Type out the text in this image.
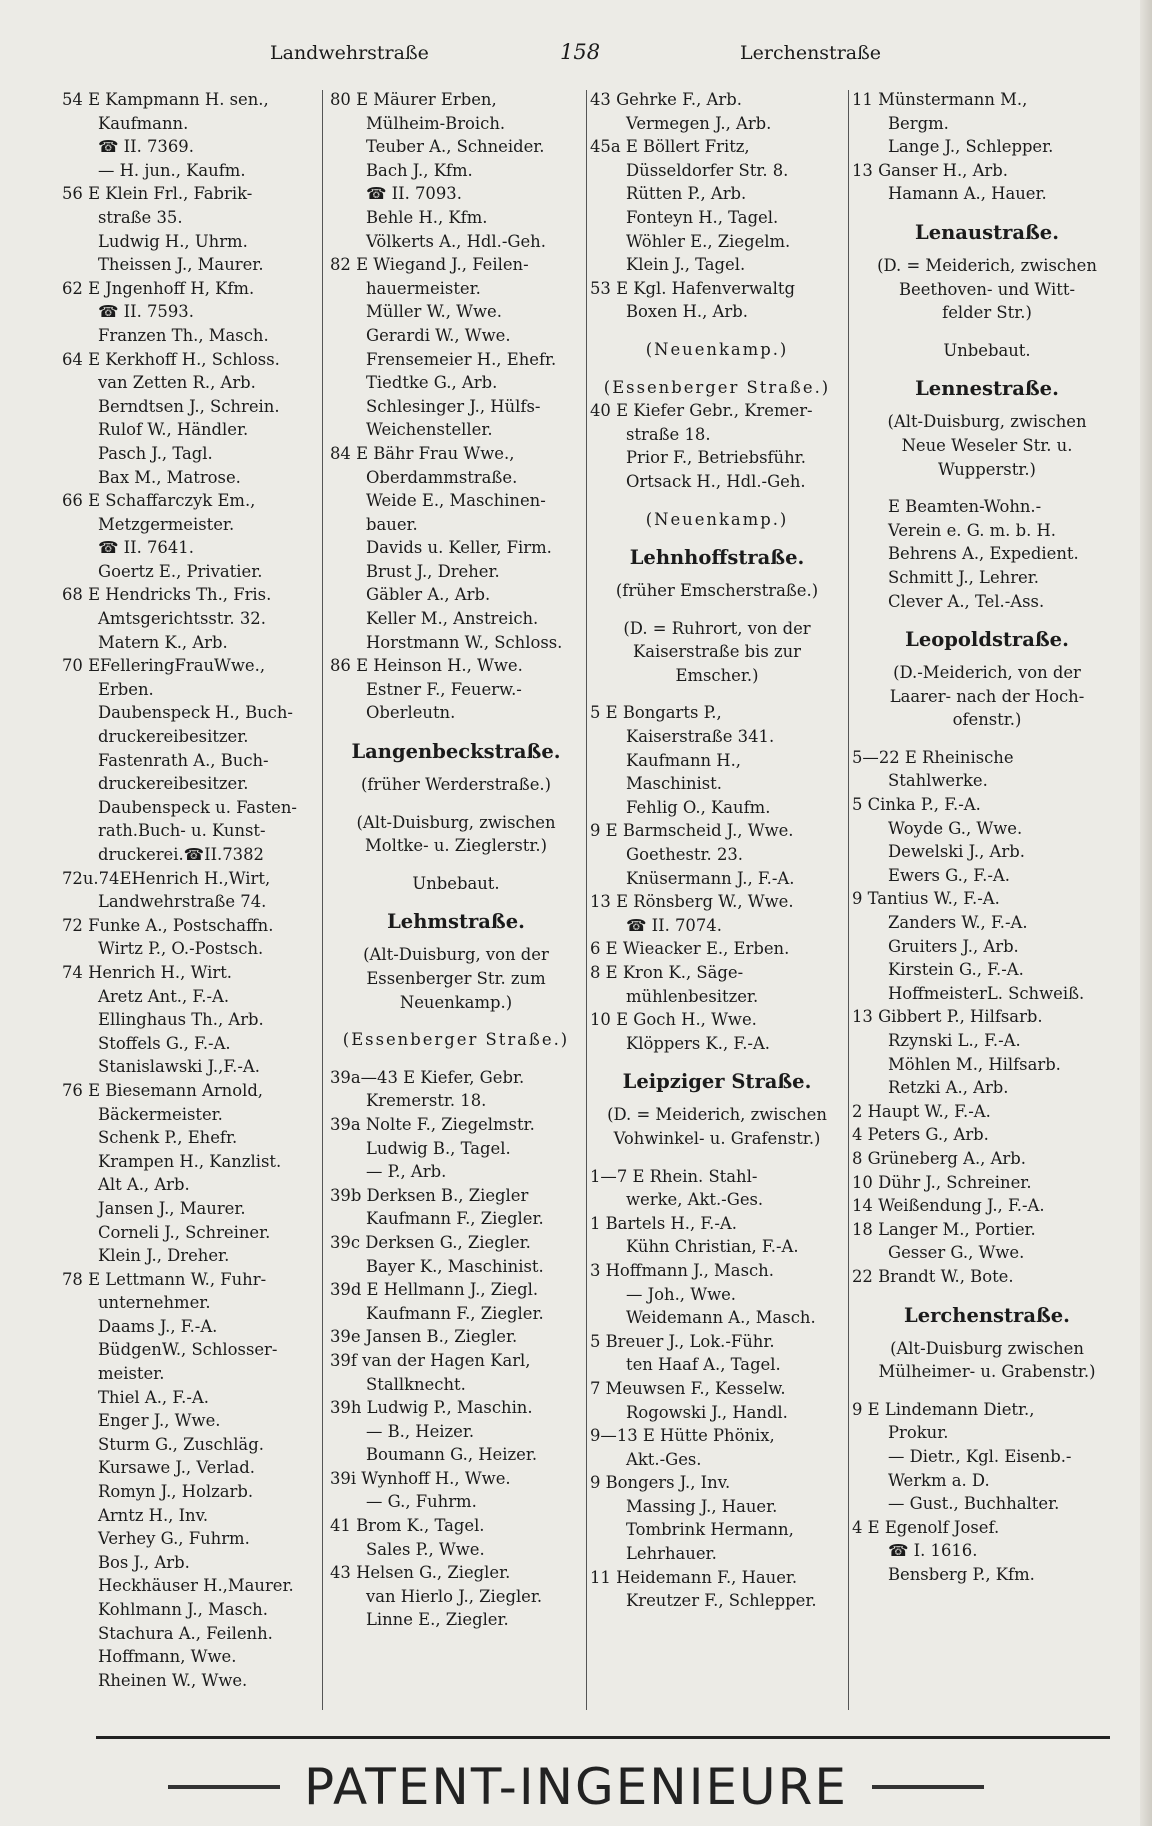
Landwehrstraße	158	Lerchenstraße
54 E Kampmann H. sen.,
Kaufmann.
☎ II. 7369.
— H. jun., Kaufm.
56 E Klein Frl., Fabrik-
straße 35.
Ludwig H., Uhrm.
Theissen J., Maurer.
62 E Jngenhoff H, Kfm.
☎ II. 7593.
Franzen Th., Masch.
64 E Kerkhoff H., Schloss.
van Zetten R., Arb.
Berndtsen J., Schrein.
Rulof W., Händler.
Pasch J., Tagl.
Bax M., Matrose.
66 E Schaffarczyk Em.,
Metzgermeister.
☎ II. 7641.
Goertz E., Privatier.
68 E Hendricks Th., Fris.
Amtsgerichtsstr. 32.
Matern K., Arb.
70 EFelleringFrauWwe.,
Erben.
Daubenspeck H., Buch-
druckereibesitzer.
Fastenrath A., Buch-
druckereibesitzer.
Daubenspeck u. Fasten-
rath.Buch- u. Kunst-
druckerei.☎II.7382
72u.74EHenrich H.,Wirt,
Landwehrstraße 74.
72 Funke A., Postschaffn.
Wirtz P., O.-Postsch.
74 Henrich H., Wirt.
Aretz Ant., F.-A.
Ellinghaus Th., Arb.
Stoffels G., F.-A.
Stanislawski J.,F.-A.
76 E Biesemann Arnold,
Bäckermeister.
Schenk P., Ehefr.
Krampen H., Kanzlist.
Alt A., Arb.
Jansen J., Maurer.
Corneli J., Schreiner.
Klein J., Dreher.
78 E Lettmann W., Fuhr-
unternehmer.
Daams J., F.-A.
BüdgenW., Schlosser-
meister.
Thiel A., F.-A.
Enger J., Wwe.
Sturm G., Zuschläg.
Kursawe J., Verlad.
Romyn J., Holzarb.
Arntz H., Inv.
Verhey G., Fuhrm.
Bos J., Arb.
Heckhäuser H.,Maurer.
Kohlmann J., Masch.
Stachura A., Feilenh.
Hoffmann, Wwe.
Rheinen W., Wwe.
80 E Mäurer Erben,
Mülheim-Broich.
Teuber A., Schneider.
Bach J., Kfm.
☎ II. 7093.
Behle H., Kfm.
Völkerts A., Hdl.-Geh.
82 E Wiegand J., Feilen-
hauermeister.
Müller W., Wwe.
Gerardi W., Wwe.
Frensemeier H., Ehefr.
Tiedtke G., Arb.
Schlesinger J., Hülfs-
Weichensteller.
84 E Bähr Frau Wwe.,
Oberdammstraße.
Weide E., Maschinen-
bauer.
Davids u. Keller, Firm.
Brust J., Dreher.
Gäbler A., Arb.
Keller M., Anstreich.
Horstmann W., Schloss.
86 E Heinson H., Wwe.
Estner F., Feuerw.-
Oberleutn.
Langenbeckstraße.
(früher Werderstraße.)
(Alt-Duisburg, zwischen
Moltke- u. Zieglerstr.)
Unbebaut.
Lehmstraße.
(Alt-Duisburg, von der
Essenberger Str. zum
Neuenkamp.)
(Essenberger Straße.)
39a—43 E Kiefer, Gebr.
Kremerstr. 18.
39a Nolte F., Ziegelmstr.
Ludwig B., Tagel.
— P., Arb.
39b Derksen B., Ziegler
Kaufmann F., Ziegler.
39c Derksen G., Ziegler.
Bayer K., Maschinist.
39d E Hellmann J., Ziegl.
Kaufmann F., Ziegler.
39e Jansen B., Ziegler.
39f van der Hagen Karl,
Stallknecht.
39h Ludwig P., Maschin.
— B., Heizer.
Boumann G., Heizer.
39i Wynhoff H., Wwe.
— G., Fuhrm.
41 Brom K., Tagel.
Sales P., Wwe.
43 Helsen G., Ziegler.
van Hierlo J., Ziegler.
Linne E., Ziegler.
43 Gehrke F., Arb.
Vermegen J., Arb.
45a E Böllert Fritz,
Düsseldorfer Str. 8.
Rütten P., Arb.
Fonteyn H., Tagel.
Wöhler E., Ziegelm.
Klein J., Tagel.
53 E Kgl. Hafenverwaltg
Boxen H., Arb.
(Neuenkamp.)
(Essenberger Straße.)
40 E Kiefer Gebr., Kremer-
straße 18.
Prior F., Betriebsführ.
Ortsack H., Hdl.-Geh.
(Neuenkamp.)
Lehnhoffstraße.
(früher Emscherstraße.)
(D. = Ruhrort, von der
Kaiserstraße bis zur
Emscher.)
5 E Bongarts P.,
Kaiserstraße 341.
Kaufmann H.,
Maschinist.
Fehlig O., Kaufm.
9 E Barmscheid J., Wwe.
Goethestr. 23.
Knüsermann J., F.-A.
13 E Rönsberg W., Wwe.
☎ II. 7074.
6 E Wieacker E., Erben.
8 E Kron K., Säge-
mühlenbesitzer.
10 E Goch H., Wwe.
Klöppers K., F.-A.
Leipziger Straße.
(D. = Meiderich, zwischen
Vohwinkel- u. Grafenstr.)
1—7 E Rhein. Stahl-
werke, Akt.-Ges.
1 Bartels H., F.-A.
Kühn Christian, F.-A.
3 Hoffmann J., Masch.
— Joh., Wwe.
Weidemann A., Masch.
5 Breuer J., Lok.-Führ.
ten Haaf A., Tagel.
7 Meuwsen F., Kesselw.
Rogowski J., Handl.
9—13 E Hütte Phönix,
Akt.-Ges.
9 Bongers J., Inv.
Massing J., Hauer.
Tombrink Hermann,
Lehrhauer.
11 Heidemann F., Hauer.
Kreutzer F., Schlepper.
11 Münstermann M.,
Bergm.
Lange J., Schlepper.
13 Ganser H., Arb.
Hamann A., Hauer.
Lenaustraße.
(D. = Meiderich, zwischen
Beethoven- und Witt-
felder Str.)
Unbebaut.
Lennestraße.
(Alt-Duisburg, zwischen
Neue Weseler Str. u.
Wupperstr.)
E Beamten-Wohn.-
Verein e. G. m. b. H.
Behrens A., Expedient.
Schmitt J., Lehrer.
Clever A., Tel.-Ass.
Leopoldstraße.
(D.-Meiderich, von der
Laarer- nach der Hoch-
ofenstr.)
5—22 E Rheinische
Stahlwerke.
5 Cinka P., F.-A.
Woyde G., Wwe.
Dewelski J., Arb.
Ewers G., F.-A.
9 Tantius W., F.-A.
Zanders W., F.-A.
Gruiters J., Arb.
Kirstein G., F.-A.
HoffmeisterL. Schweiß.
13 Gibbert P., Hilfsarb.
Rzynski L., F.-A.
Möhlen M., Hilfsarb.
Retzki A., Arb.
2 Haupt W., F.-A.
4 Peters G., Arb.
8 Grüneberg A., Arb.
10 Dühr J., Schreiner.
14 Weißendung J., F.-A.
18 Langer M., Portier.
Gesser G., Wwe.
22 Brandt W., Bote.
Lerchenstraße.
(Alt-Duisburg zwischen
Mülheimer- u. Grabenstr.)
9 E Lindemann Dietr.,
Prokur.
— Dietr., Kgl. Eisenb.-
Werkm a. D.
— Gust., Buchhalter.
4 E Egenolf Josef.
☎ I. 1616.
Bensberg P., Kfm.
PATENT-INGENIEURE
